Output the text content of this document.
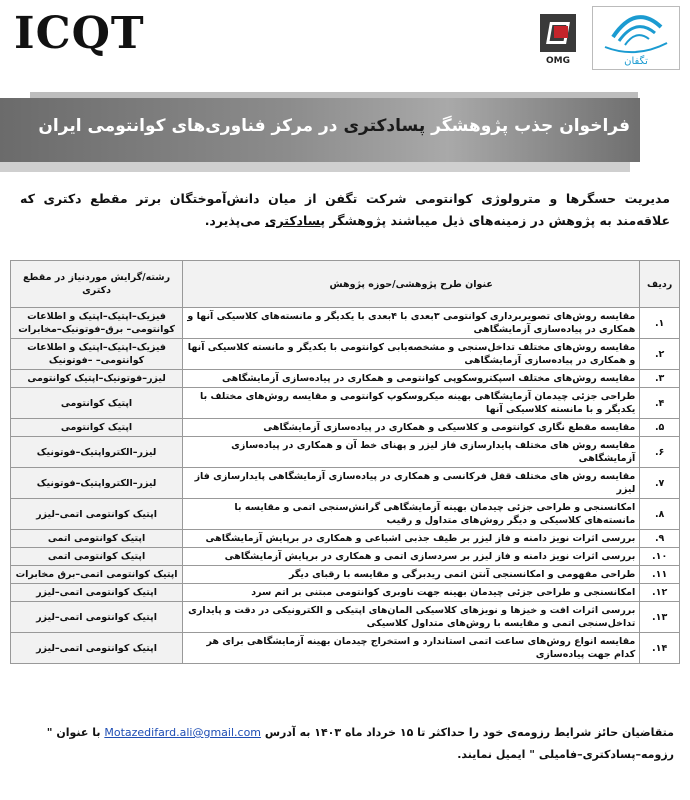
ICQT
OMG	تگفان
فراخوان جذب پژوهشگر پسادکتری در مرکز فناوری‌های کوانتومی ایران
مدیریت حسگرها و مترولوژی کوانتومی شرکت تگفن از میان دانش‌آموختگان برتر مقطع دکتری که علاقه‌مند به پژوهش در زمینه‌های ذیل میباشند پژوهشگر پسادکتری می‌پذیرد.
ردیف	عنوان طرح پژوهشی/حوزه پژوهش	رشته/گرایش موردنیاز در مقطع دکتری
۱.	مقایسه روش‌های تصویربرداری کوانتومی ۳بعدی با ۴بعدی با یکدیگر و مانسته‌های کلاسیکی آنها و همکاری در پیاده‌سازی آزمایشگاهی	فیزیک–اپتیک–اپتیک و اطلاعات کوانتومی– برق–فوتونیک–مخابرات
۲.	مقایسه روش‌های مختلف تداخل‌سنجی و مشخصه‌یابی کوانتومی با یکدیگر و مانسته کلاسیکی آنها و همکاری در پیاده‌سازی آزمایشگاهی	فیزیک–اپتیک–اپتیک و اطلاعات کوانتومی– –فوتونیک
۳.	مقایسه روش‌های مختلف اسپکتروسکوپی کوانتومی و همکاری در پیاده‌سازی آزمایشگاهی	لیزر–فوتونیک–اپتیک کوانتومی
۴.	طراحی جزئی چیدمان آزمایشگاهی بهینه میکروسکوپ کوانتومی و مقایسه روش‌های مختلف با یکدیگر و با مانسته کلاسیکی آنها	اپتیک کوانتومی
۵.	مقایسه مقطع نگاری کوانتومی و کلاسیکی و همکاری در پیاده‌سازی آزمایشگاهی	اپتیک کوانتومی
۶.	مقایسه روش های مختلف پایدارسازی فاز لیزر و پهنای خط آن و همکاری در پیاده‌سازی آزمایشگاهی	لیزر–الکترواپتیک–فوتونیک
۷.	مقایسه روش های مختلف قفل فرکانسی و همکاری در پیاده‌سازی آزمایشگاهی پایدارسازی فاز لیزر	لیزر–الکترواپتیک–فوتونیک
۸.	امکانسنجی و طراحی جزئی چیدمان بهینه آزمایشگاهی گرانش‌سنجی اتمی و مقایسه با مانسته‌های کلاسیکی و دیگر روش‌های متداول و رقیب	اپتیک کوانتومی اتمی–لیزر
۹.	بررسی اثرات نویز دامنه و فاز لیزر بر طیف جذبی اشباعی و همکاری در برپایش آزمایشگاهی	اپتیک کوانتومی اتمی
۱۰.	بررسی اثرات نویز دامنه و فاز لیزر بر سردسازی اتمی و همکاری در برپایش آزمایشگاهی	اپتیک کوانتومی اتمی
۱۱.	طراحی مفهومی و امکانسنجی آنتن اتمی ریدبرگی و مقایسه با رقبای دیگر	اپتیک کوانتومی اتمی–برق مخابرات
۱۲.	امکانسنجی و طراحی جزئی چیدمان بهینه جهت ناوبری کوانتومی مبتنی بر اتم سرد	اپتیک کوانتومی اتمی–لیزر
۱۳.	بررسی اثرات افت و خیزها و نویزهای کلاسیکی المان‌های اپتیکی و الکترونیکی در دقت و پایداری تداخل‌سنجی اتمی و مقایسه با روش‌های متداول کلاسیکی	اپتیک کوانتومی اتمی–لیزر
۱۴.	مقایسه انواع روش‌های ساعت اتمی استاندارد و استخراج چیدمان بهینه آزمایشگاهی برای هر کدام جهت پیاده‌سازی	اپتیک کوانتومی اتمی–لیزر
متقاضیان حائز شرایط رزومه‌ی خود را حداکثر تا ۱۵ خرداد ماه ۱۴۰۳ به آدرس Motazedifard.ali@gmail.com با عنوان " رزومه–پسادکتری–فامیلی " ایمیل نمایند.
